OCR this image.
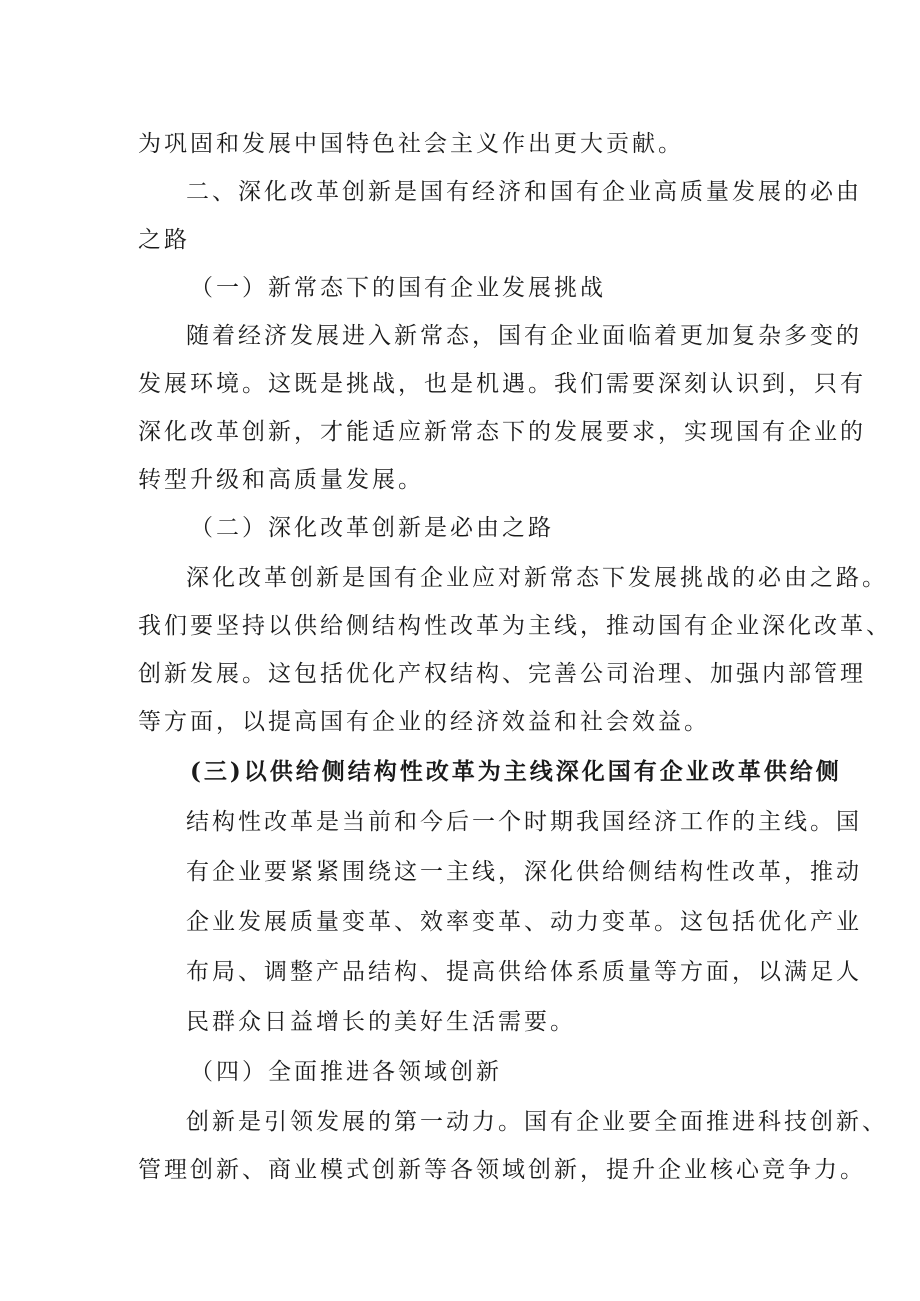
为巩固和发展中国特色社会主义作出更大贡献。
二、深化改革创新是国有经济和国有企业高质量发展的必由
之路
（一）新常态下的国有企业发展挑战
随着经济发展进入新常态，国有企业面临着更加复杂多变的
发展环境。这既是挑战，也是机遇。我们需要深刻认识到，只有
深化改革创新，才能适应新常态下的发展要求，实现国有企业的
转型升级和高质量发展。
（二）深化改革创新是必由之路
深化改革创新是国有企业应对新常态下发展挑战的必由之路。
我们要坚持以供给侧结构性改革为主线，推动国有企业深化改革、
创新发展。这包括优化产权结构、完善公司治理、加强内部管理
等方面，以提高国有企业的经济效益和社会效益。
(三)以供给侧结构性改革为主线深化国有企业改革供给侧
结构性改革是当前和今后一个时期我国经济工作的主线。国
有企业要紧紧围绕这一主线，深化供给侧结构性改革，推动
企业发展质量变革、效率变革、动力变革。这包括优化产业
布局、调整产品结构、提高供给体系质量等方面，以满足人
民群众日益增长的美好生活需要。
（四）全面推进各领域创新
创新是引领发展的第一动力。国有企业要全面推进科技创新、
管理创新、商业模式创新等各领域创新，提升企业核心竞争力。
